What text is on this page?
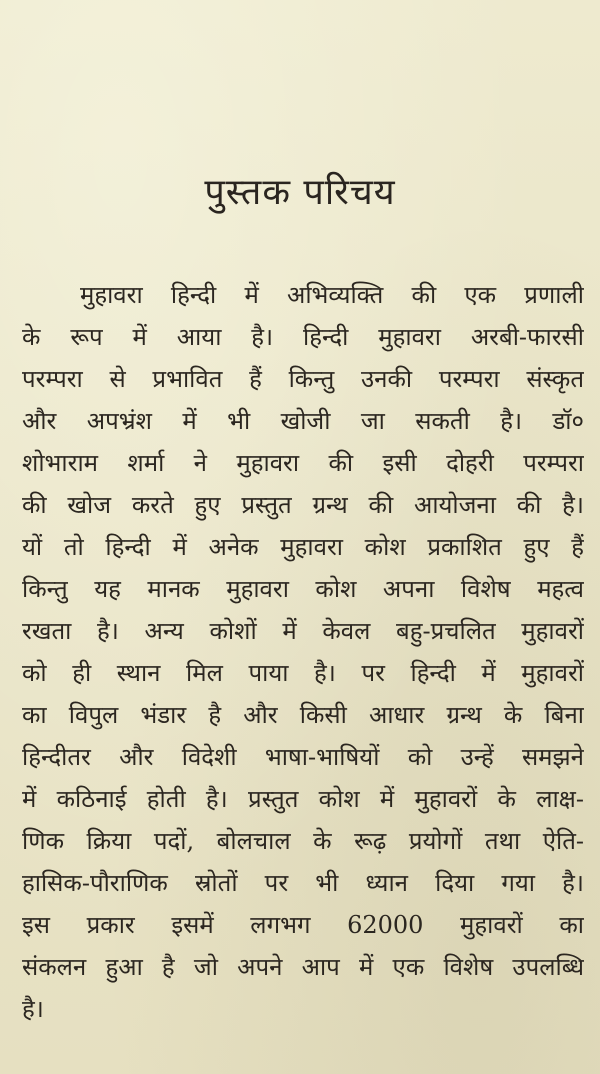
पुस्तक परिचय
मुहावरा हिन्दी में अभिव्यक्ति की एक प्रणाली
के रूप में आया है। हिन्दी मुहावरा अरबी-फारसी
परम्परा से प्रभावित हैं किन्तु उनकी परम्परा संस्कृत
और अपभ्रंश में भी खोजी जा सकती है। डॉ०
शोभाराम शर्मा ने मुहावरा की इसी दोहरी परम्परा
की खोज करते हुए प्रस्तुत ग्रन्थ की आयोजना की है।
यों तो हिन्दी में अनेक मुहावरा कोश प्रकाशित हुए हैं
किन्तु यह मानक मुहावरा कोश अपना विशेष महत्व
रखता है। अन्य कोशों में केवल बहु-प्रचलित मुहावरों
को ही स्थान मिल पाया है। पर हिन्दी में मुहावरों
का विपुल भंडार है और किसी आधार ग्रन्थ के बिना
हिन्दीतर और विदेशी भाषा-भाषियों को उन्हें समझने
में कठिनाई होती है। प्रस्तुत कोश में मुहावरों के लाक्ष-
णिक क्रिया पदों, बोलचाल के रूढ़ प्रयोगों तथा ऐति-
हासिक-पौराणिक स्रोतों पर भी ध्यान दिया गया है।
इस प्रकार इसमें लगभग 62000 मुहावरों का
संकलन हुआ है जो अपने आप में एक विशेष उपलब्धि
है।
